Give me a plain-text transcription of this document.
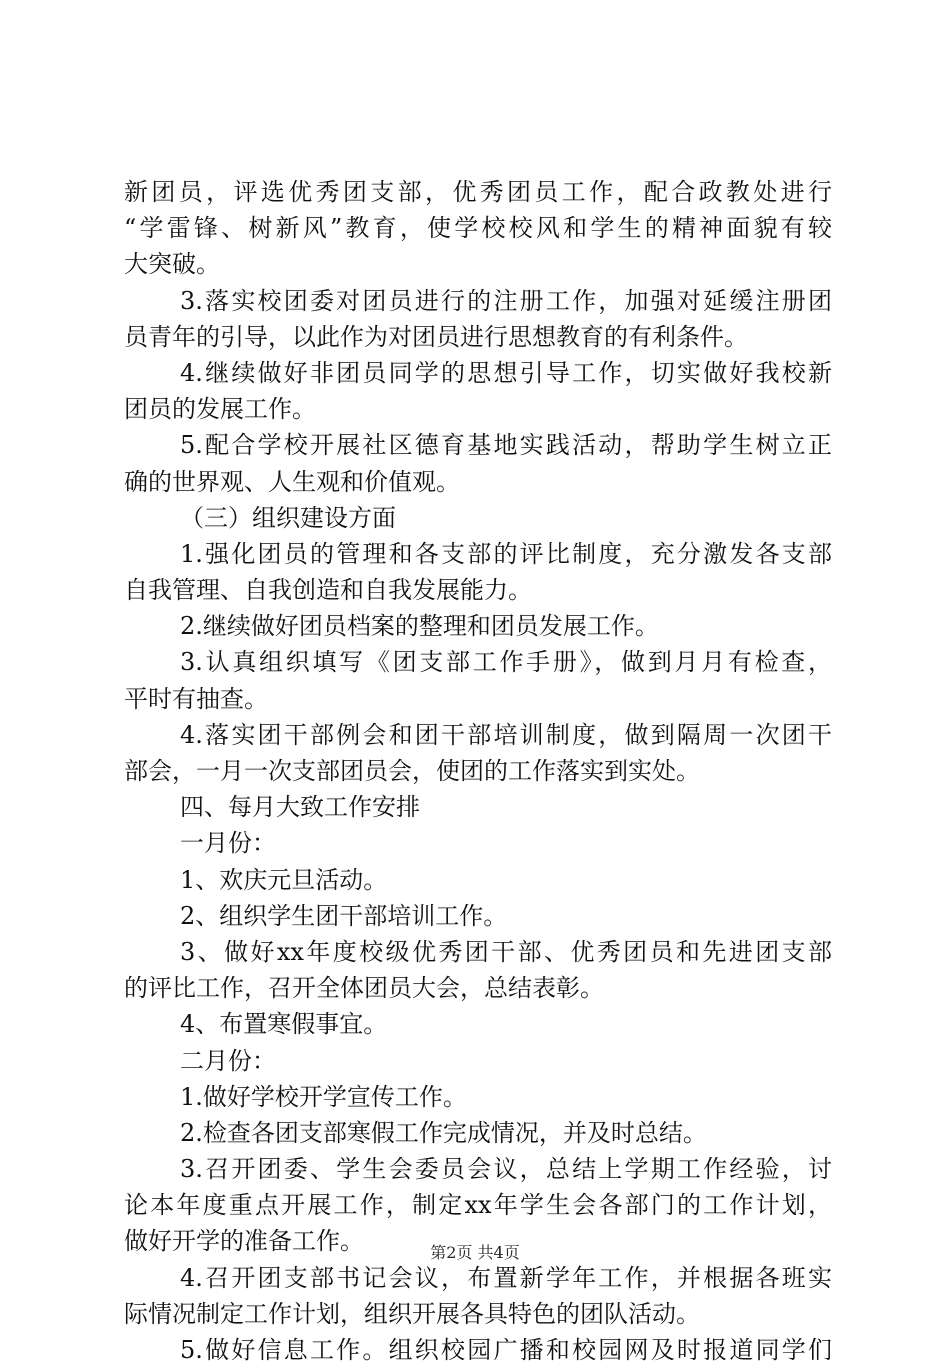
新团员，评选优秀团支部，优秀团员工作，配合政教处进行
“学雷锋、树新风”教育，使学校校风和学生的精神面貌有较
大突破。
3.落实校团委对团员进行的注册工作，加强对延缓注册团
员青年的引导，以此作为对团员进行思想教育的有利条件。
4.继续做好非团员同学的思想引导工作，切实做好我校新
团员的发展工作。
5.配合学校开展社区德育基地实践活动，帮助学生树立正
确的世界观、人生观和价值观。
（三）组织建设方面
1.强化团员的管理和各支部的评比制度，充分激发各支部
自我管理、自我创造和自我发展能力。
2.继续做好团员档案的整理和团员发展工作。
3.认真组织填写《团支部工作手册》，做到月月有检查，
平时有抽查。
4.落实团干部例会和团干部培训制度，做到隔周一次团干
部会，一月一次支部团员会，使团的工作落实到实处。
四、每月大致工作安排
一月份：
1、欢庆元旦活动。
2、组织学生团干部培训工作。
3、做好xx年度校级优秀团干部、优秀团员和先进团支部
的评比工作，召开全体团员大会，总结表彰。
4、布置寒假事宜。
二月份：
1.做好学校开学宣传工作。
2.检查各团支部寒假工作完成情况，并及时总结。
3.召开团委、学生会委员会议，总结上学期工作经验，讨
论本年度重点开展工作，制定xx年学生会各部门的工作计划，
做好开学的准备工作。
4.召开团支部书记会议，布置新学年工作，并根据各班实
际情况制定工作计划，组织开展各具特色的团队活动。
5.做好信息工作。组织校园广播和校园网及时报道同学们
第2页 共4页
